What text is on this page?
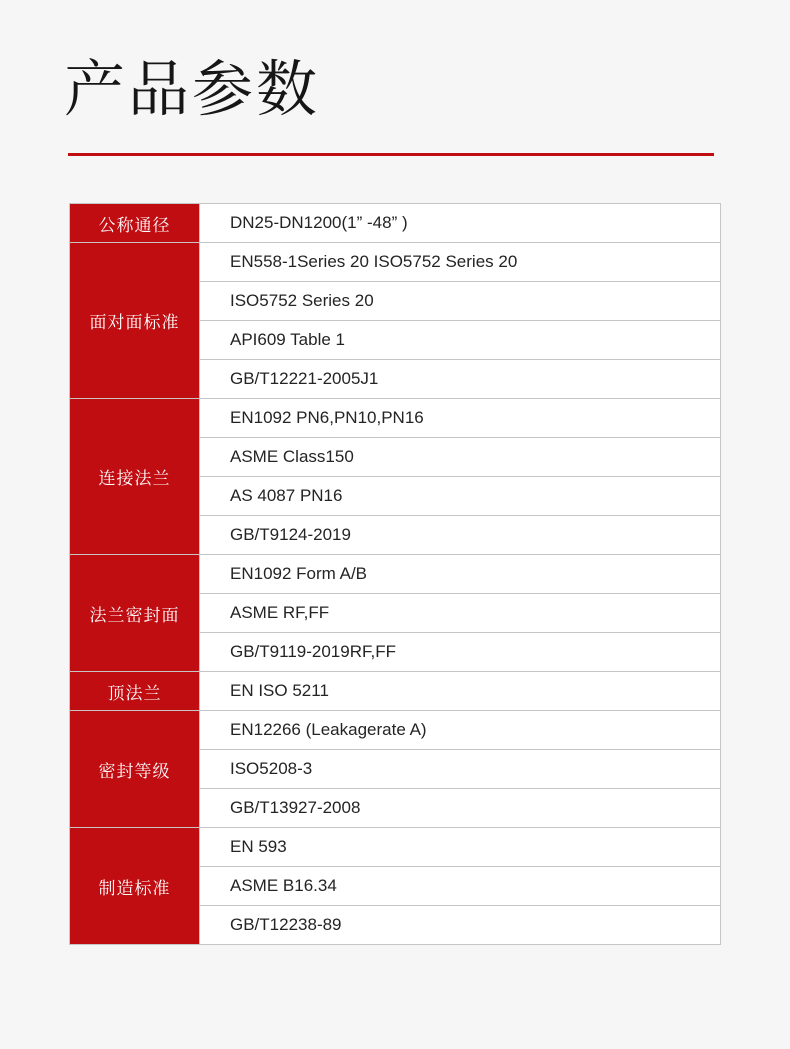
产品参数
公称通径	DN25-DN1200(1” -48” )
面对面标准	EN558-1Series 20 ISO5752 Series 20
	ISO5752 Series 20
	API609 Table 1
	GB/T12221-2005J1
连接法兰	EN1092 PN6,PN10,PN16
	ASME Class150
	AS 4087 PN16
	GB/T9124-2019
法兰密封面	EN1092 Form A/B
	ASME RF,FF
	GB/T9119-2019RF,FF
顶法兰	EN ISO 5211
密封等级	EN12266 (Leakagerate A)
	ISO5208-3
	GB/T13927-2008
制造标准	EN 593
	ASME B16.34
	GB/T12238-89
